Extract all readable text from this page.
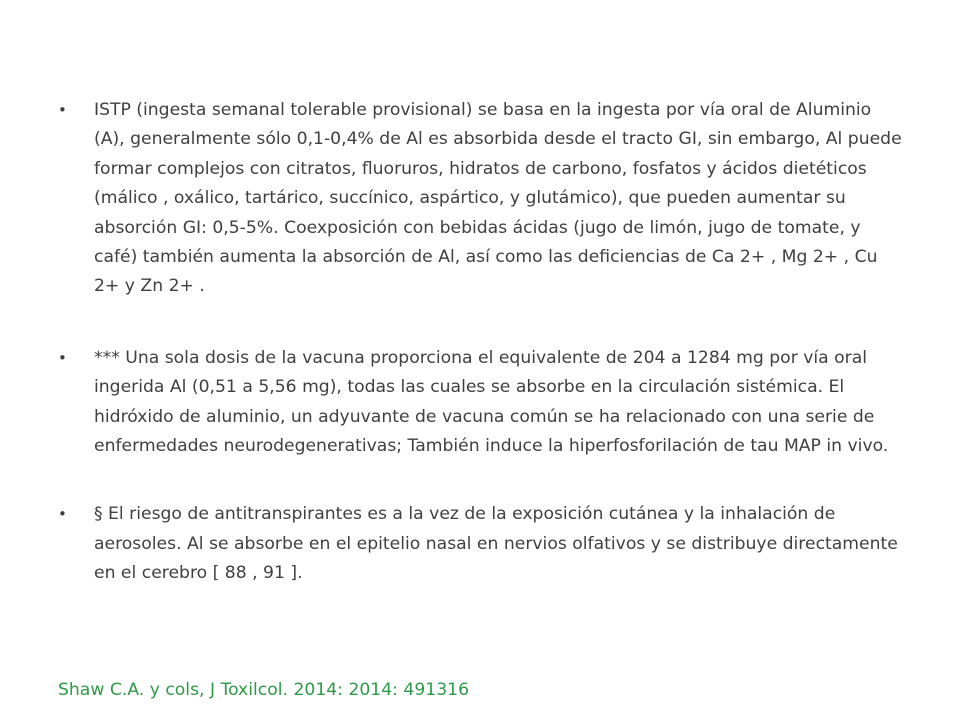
• ISTP (ingesta semanal tolerable provisional) se basa en la ingesta por vía oral de Aluminio (A), generalmente sólo 0,1-0,4% de Al es absorbida desde el tracto GI, sin embargo, Al puede formar complejos con citratos, fluoruros, hidratos de carbono, fosfatos y ácidos dietéticos (málico , oxálico, tartárico, succínico, aspártico, y glutámico), que pueden aumentar su absorción GI: 0,5-5%. Coexposición con bebidas ácidas (jugo de limón, jugo de tomate, y café) también aumenta la absorción de Al, así como las deficiencias de Ca 2+ , Mg 2+ , Cu 2+ y Zn 2+ .
• *** Una sola dosis de la vacuna proporciona el equivalente de 204 a 1284 mg por vía oral ingerida Al (0,51 a 5,56 mg), todas las cuales se absorbe en la circulación sistémica. El hidróxido de aluminio, un adyuvante de vacuna común se ha relacionado con una serie de enfermedades neurodegenerativas; También induce la hiperfosforilación de tau MAP in vivo.
• § El riesgo de antitranspirantes es a la vez de la exposición cutánea y la inhalación de aerosoles. Al se absorbe en el epitelio nasal en nervios olfativos y se distribuye directamente en el cerebro [ 88 , 91 ].
Shaw C.A. y cols, J Toxilcol. 2014: 2014: 491316
